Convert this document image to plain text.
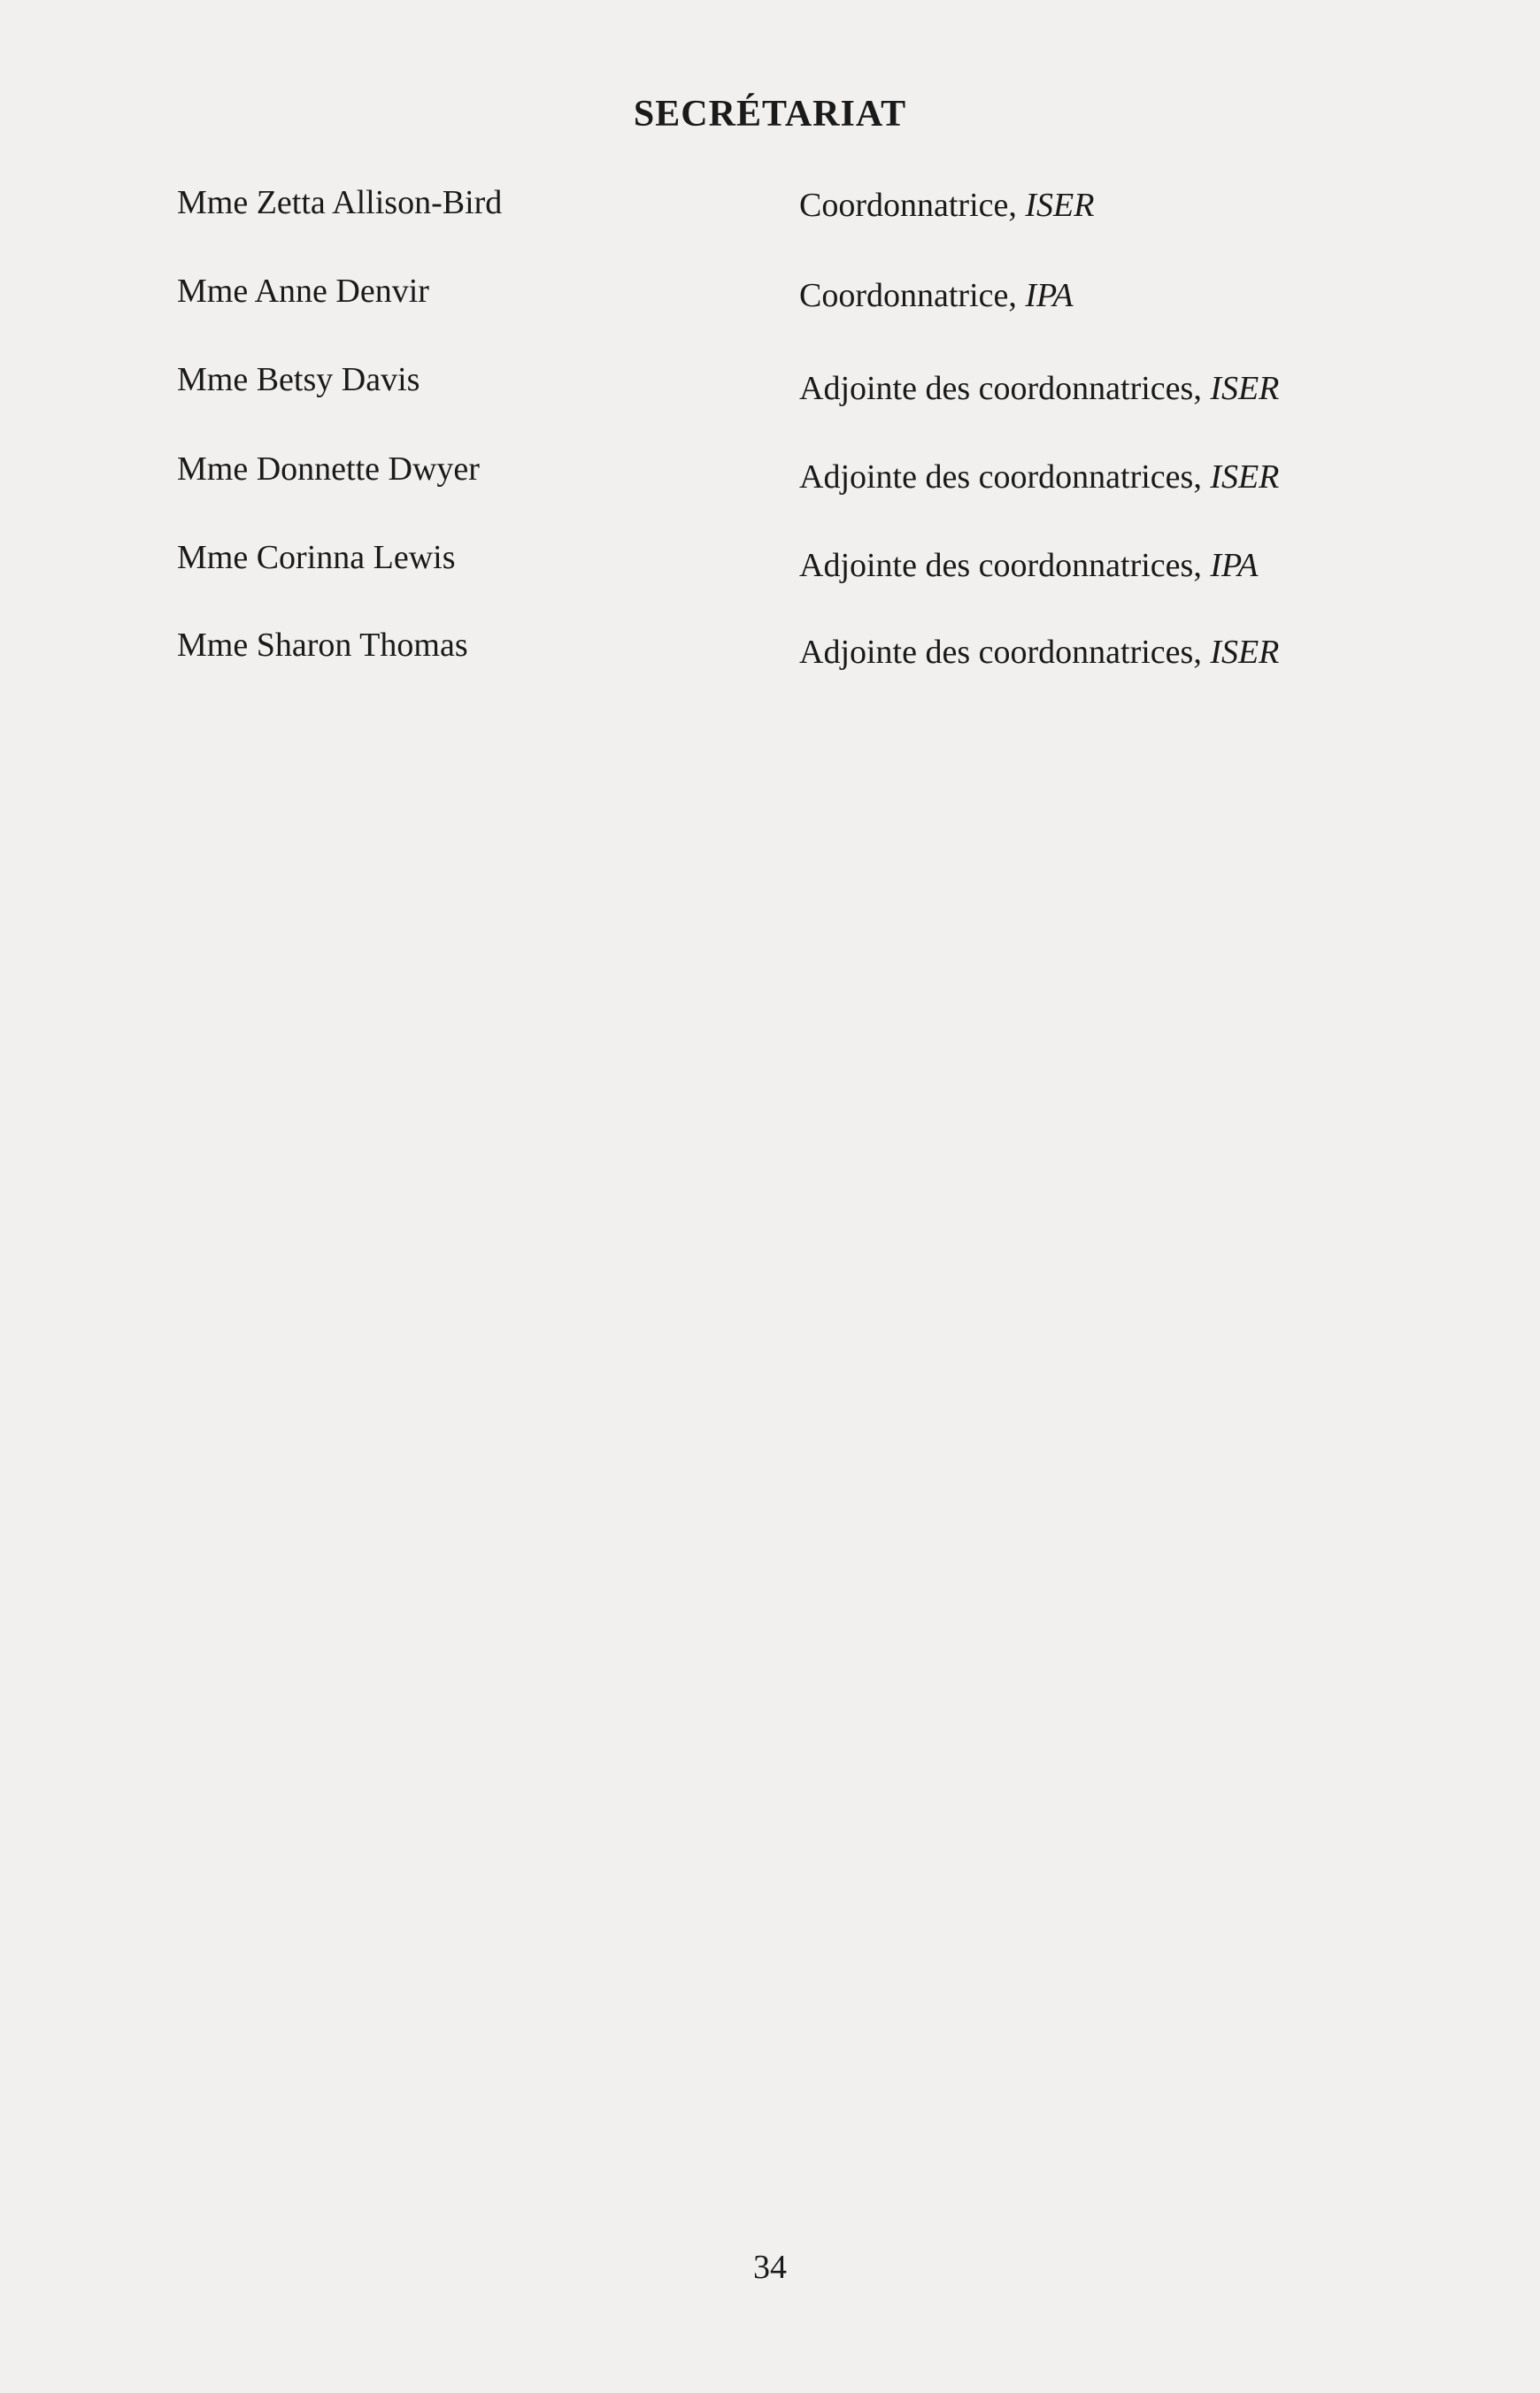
SECRÉTARIAT
Mme Zetta Allison-Bird	Coordonnatrice, ISER
Mme Anne Denvir	Coordonnatrice, IPA
Mme Betsy Davis	Adjointe des coordonnatrices, ISER
Mme Donnette Dwyer	Adjointe des coordonnatrices, ISER
Mme Corinna Lewis	Adjointe des coordonnatrices, IPA
Mme Sharon Thomas	Adjointe des coordonnatrices, ISER
34
